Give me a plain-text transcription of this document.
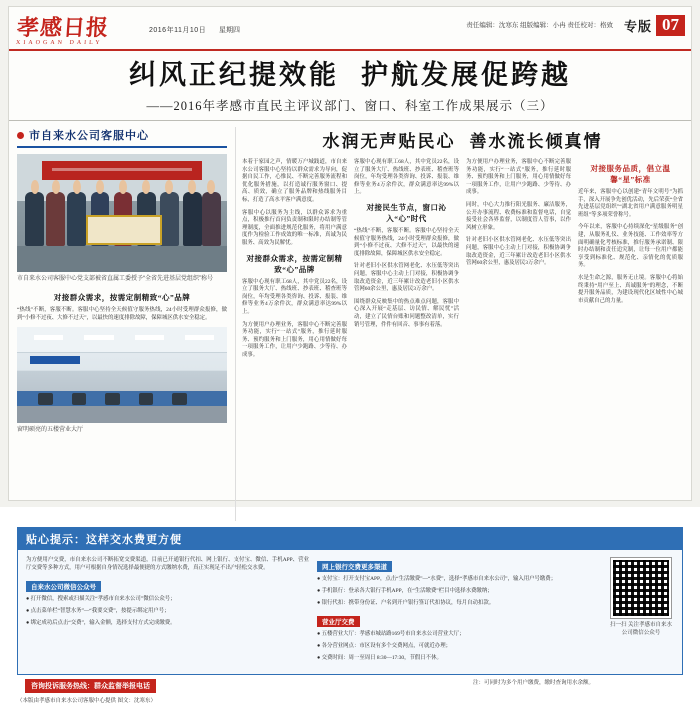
孝感日报
XIAOGAN DAILY
2016年11月10日 星期四
责任编辑：沈寒东 组版编辑：小冉 责任校对：格致 专版 07
纠风正纪提效能 护航发展促跨越
——2016年孝感市直民主评议部门、窗口、科室工作成果展示（三）
市自来水公司客服中心
市自来水公司客服中心党支部被省直属工委授予“全省先进基层党组织”称号
对接群众需求，按需定制精致“心”品牌

“热线”不断，客服不断。客服中心坚持全天候值守服务热线，24小时受理群众报修，做到“小修不过夜、大修不过天”，以最快的速度排除故障，保障城区供水安全稳定。

窗明硕亮的五楼营业大厅
水润无声贴民心 善水流长倾真情

本着于家园之声，情暖万户城践道，市自来水公司客服中心坚持以群众需求为导向，促据自民工作，心惟民、不断完善服务流程和优化服务措施，以打造诚行服务窗口、提高、质效，确立了服务品牌和热线服务目标，打造了高水平客户满意度。

客服中心以服务为主线，以群众诉求为重点，积极推行首问负责制和限时办结制等管理制度，全面推进规范化服务，将用户满意度作为检验工作成效的唯一标准，真诚为民服务、高效为民解忧。

对接群众需求，按需定制精致“心”品牌

客服中心现有职工68人，其中党员22名，设立了服务大厅、热线班、抄表班、稽查班等岗位，年均受理各类咨询、投诉、报装、维修等业务4万余件次，群众满意率达99%以上。

为方便用户办理业务，客服中心不断完善服务功能，实行“一站式”服务，推行延时服务、预约服务和上门服务，用心用情做好每一项服务工作，让用户少跑路、少等待、办成事。

客服中心现有职工68人，其中党员22名，设立了服务大厅、热线班、抄表班、稽查班等岗位，年均受理各类咨询、投诉、报装、维修等业务4万余件次，群众满意率达99%以上。

对接民生节点，窗口沁入“心”时代

“热线”不断，客服不断。客服中心坚持全天候值守服务热线，24小时受理群众报修，做到“小修不过夜、大修不过天”，以最快的速度排除故障，保障城区供水安全稳定。

针对老旧小区供水管网老化、水压低等突出问题，客服中心主动上门对接，积极协调争取改造资金，近三年累计改造老旧小区供水管网60余公里，惠及居民3万余户。

围绕群众反映集中的热点难点问题，客服中心深入开展“走基层、访民情、解民忧”活动，建立了民情台账和问题整改清单，实行销号管理，件件有回音、事事有着落。

为方便用户办理业务，客服中心不断完善服务功能，实行“一站式”服务，推行延时服务、预约服务和上门服务，用心用情做好每一项服务工作，让用户少跑路、少等待、办成事。

同时，中心大力推行阳光服务、廉洁服务，公开办事流程、收费标准和监督电话，自觉接受社会各界监督，以制度管人管事，以作风树立形象。

针对老旧小区供水管网老化、水压低等突出问题，客服中心主动上门对接，积极协调争取改造资金，近三年累计改造老旧小区供水管网60余公里，惠及居民3万余户。

对接服务品质，倡立温馨“星”标准

近年来，客服中心以创建“青年文明号”为抓手，深入开展争先创优活动，先后荣获“全省先进基层党组织”“湖北省用户满意服务明星班组”等多项荣誉称号。

今年以来，客服中心持续深化“星级服务”创建，从服务礼仪、业务技能、工作效率等方面明确量化考核标准，推行服务承诺制、限时办结制和责任追究制，让每一位用户都能享受到标准化、规范化、亲情化的优质服务。

水是生命之源，服务无止境。客服中心将始终秉持“用户至上、真诚服务”的理念，不断提升服务品质，为建设现代化区域性中心城市贡献自己的力量。

贴心提示：这样交水费更方便

为方便用户交费，市自来水公司不断拓宽交费渠道，目前已开通银行代扣、网上银行、支付宝、微信、手机APP、营业厅交费等多种方式，用户可根据自身情况选择最便捷的方式缴纳水费，真正实现足不出户轻松交水费。

自来水公司微信公众号

● 打开微信，搜索或扫描关注“孝感市自来水公司”微信公众号；

● 点击菜单栏“智慧水务”—“我要交费”，按提示绑定用户号；

● 绑定成功后点击“交费”，输入金额，选择支付方式完成缴费。

网上银行交费更多渠道

● 支付宝：打开支付宝APP，点击“生活缴费”—“水费”，选择“孝感市自来水公司”，输入用户号缴费；

● 手机银行：登录各大银行手机APP，在“生活缴费”栏目中选择水费缴纳；

● 银行代扣：携带身份证、户名到开户银行签订代扣协议，每月自动扣款。

营业厅交费

● 五楼营业大厅：孝感市城站路169号市自来水公司营业大厅；

● 各分营业网点：市区设有多个交费网点，可就近办理；

● 交费时间：周一至周日 8:30—17:30，节假日不休。

扫一扫 关注孝感市自来水公司微信公众号
咨询投诉服务热线：群众监督举报电话
（本版由孝感市自来水公司客服中心提供 图文：沈寒东）
注：可同时为多个用户缴费，缴时查询用水余额。
